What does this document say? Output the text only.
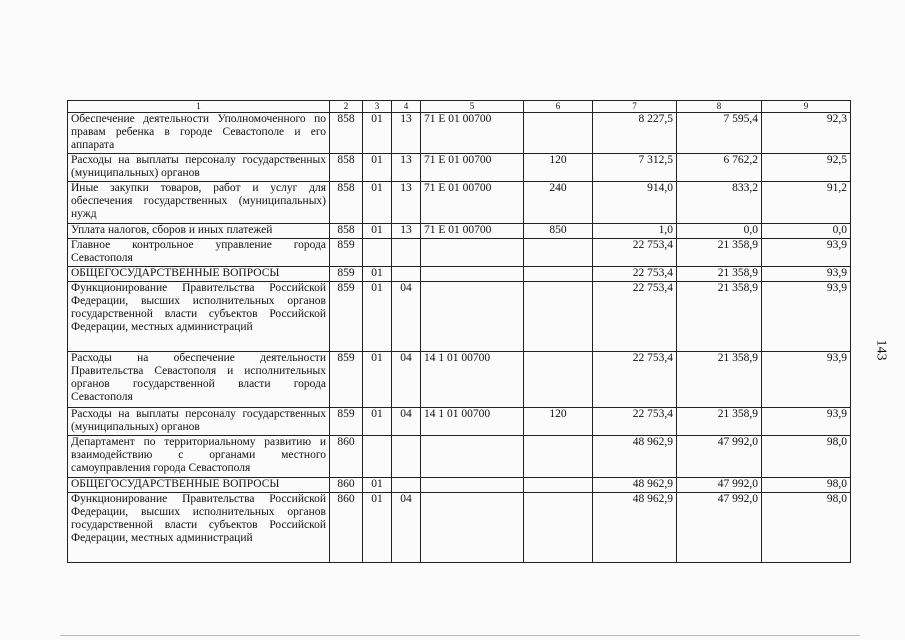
1	2	3	4	5	6	7	8	9
Обеспечение деятельности Уполномоченного по правам ребенка в городе Севастополе и его аппарата	858	01	13	71 Е 01 00700		8 227,5	7 595,4	92,3
Расходы на выплаты персоналу государственных (муниципальных) органов	858	01	13	71 Е 01 00700	120	7 312,5	6 762,2	92,5
Иные закупки товаров, работ и услуг для обеспечения государственных (муниципальных) нужд	858	01	13	71 Е 01 00700	240	914,0	833,2	91,2
Уплата налогов, сборов и иных платежей	858	01	13	71 Е 01 00700	850	1,0	0,0	0,0
Главное контрольное управление города Севастополя	859					22 753,4	21 358,9	93,9
ОБЩЕГОСУДАРСТВЕННЫЕ ВОПРОСЫ	859	01				22 753,4	21 358,9	93,9
Функционирование Правительства Российской Федерации, высших исполнительных органов государственной власти субъектов Российской Федерации, местных администраций	859	01	04			22 753,4	21 358,9	93,9
Расходы на обеспечение деятельности Правительства Севастополя и исполнительных органов государственной власти города Севастополя	859	01	04	14 1 01 00700		22 753,4	21 358,9	93,9
Расходы на выплаты персоналу государственных (муниципальных) органов	859	01	04	14 1 01 00700	120	22 753,4	21 358,9	93,9
Департамент по территориальному развитию и взаимодействию с органами местного самоуправления города Севастополя	860					48 962,9	47 992,0	98,0
ОБЩЕГОСУДАРСТВЕННЫЕ ВОПРОСЫ	860	01				48 962,9	47 992,0	98,0
Функционирование Правительства Российской Федерации, высших исполнительных органов государственной власти субъектов Российской Федерации, местных администраций	860	01	04			48 962,9	47 992,0	98,0
143
